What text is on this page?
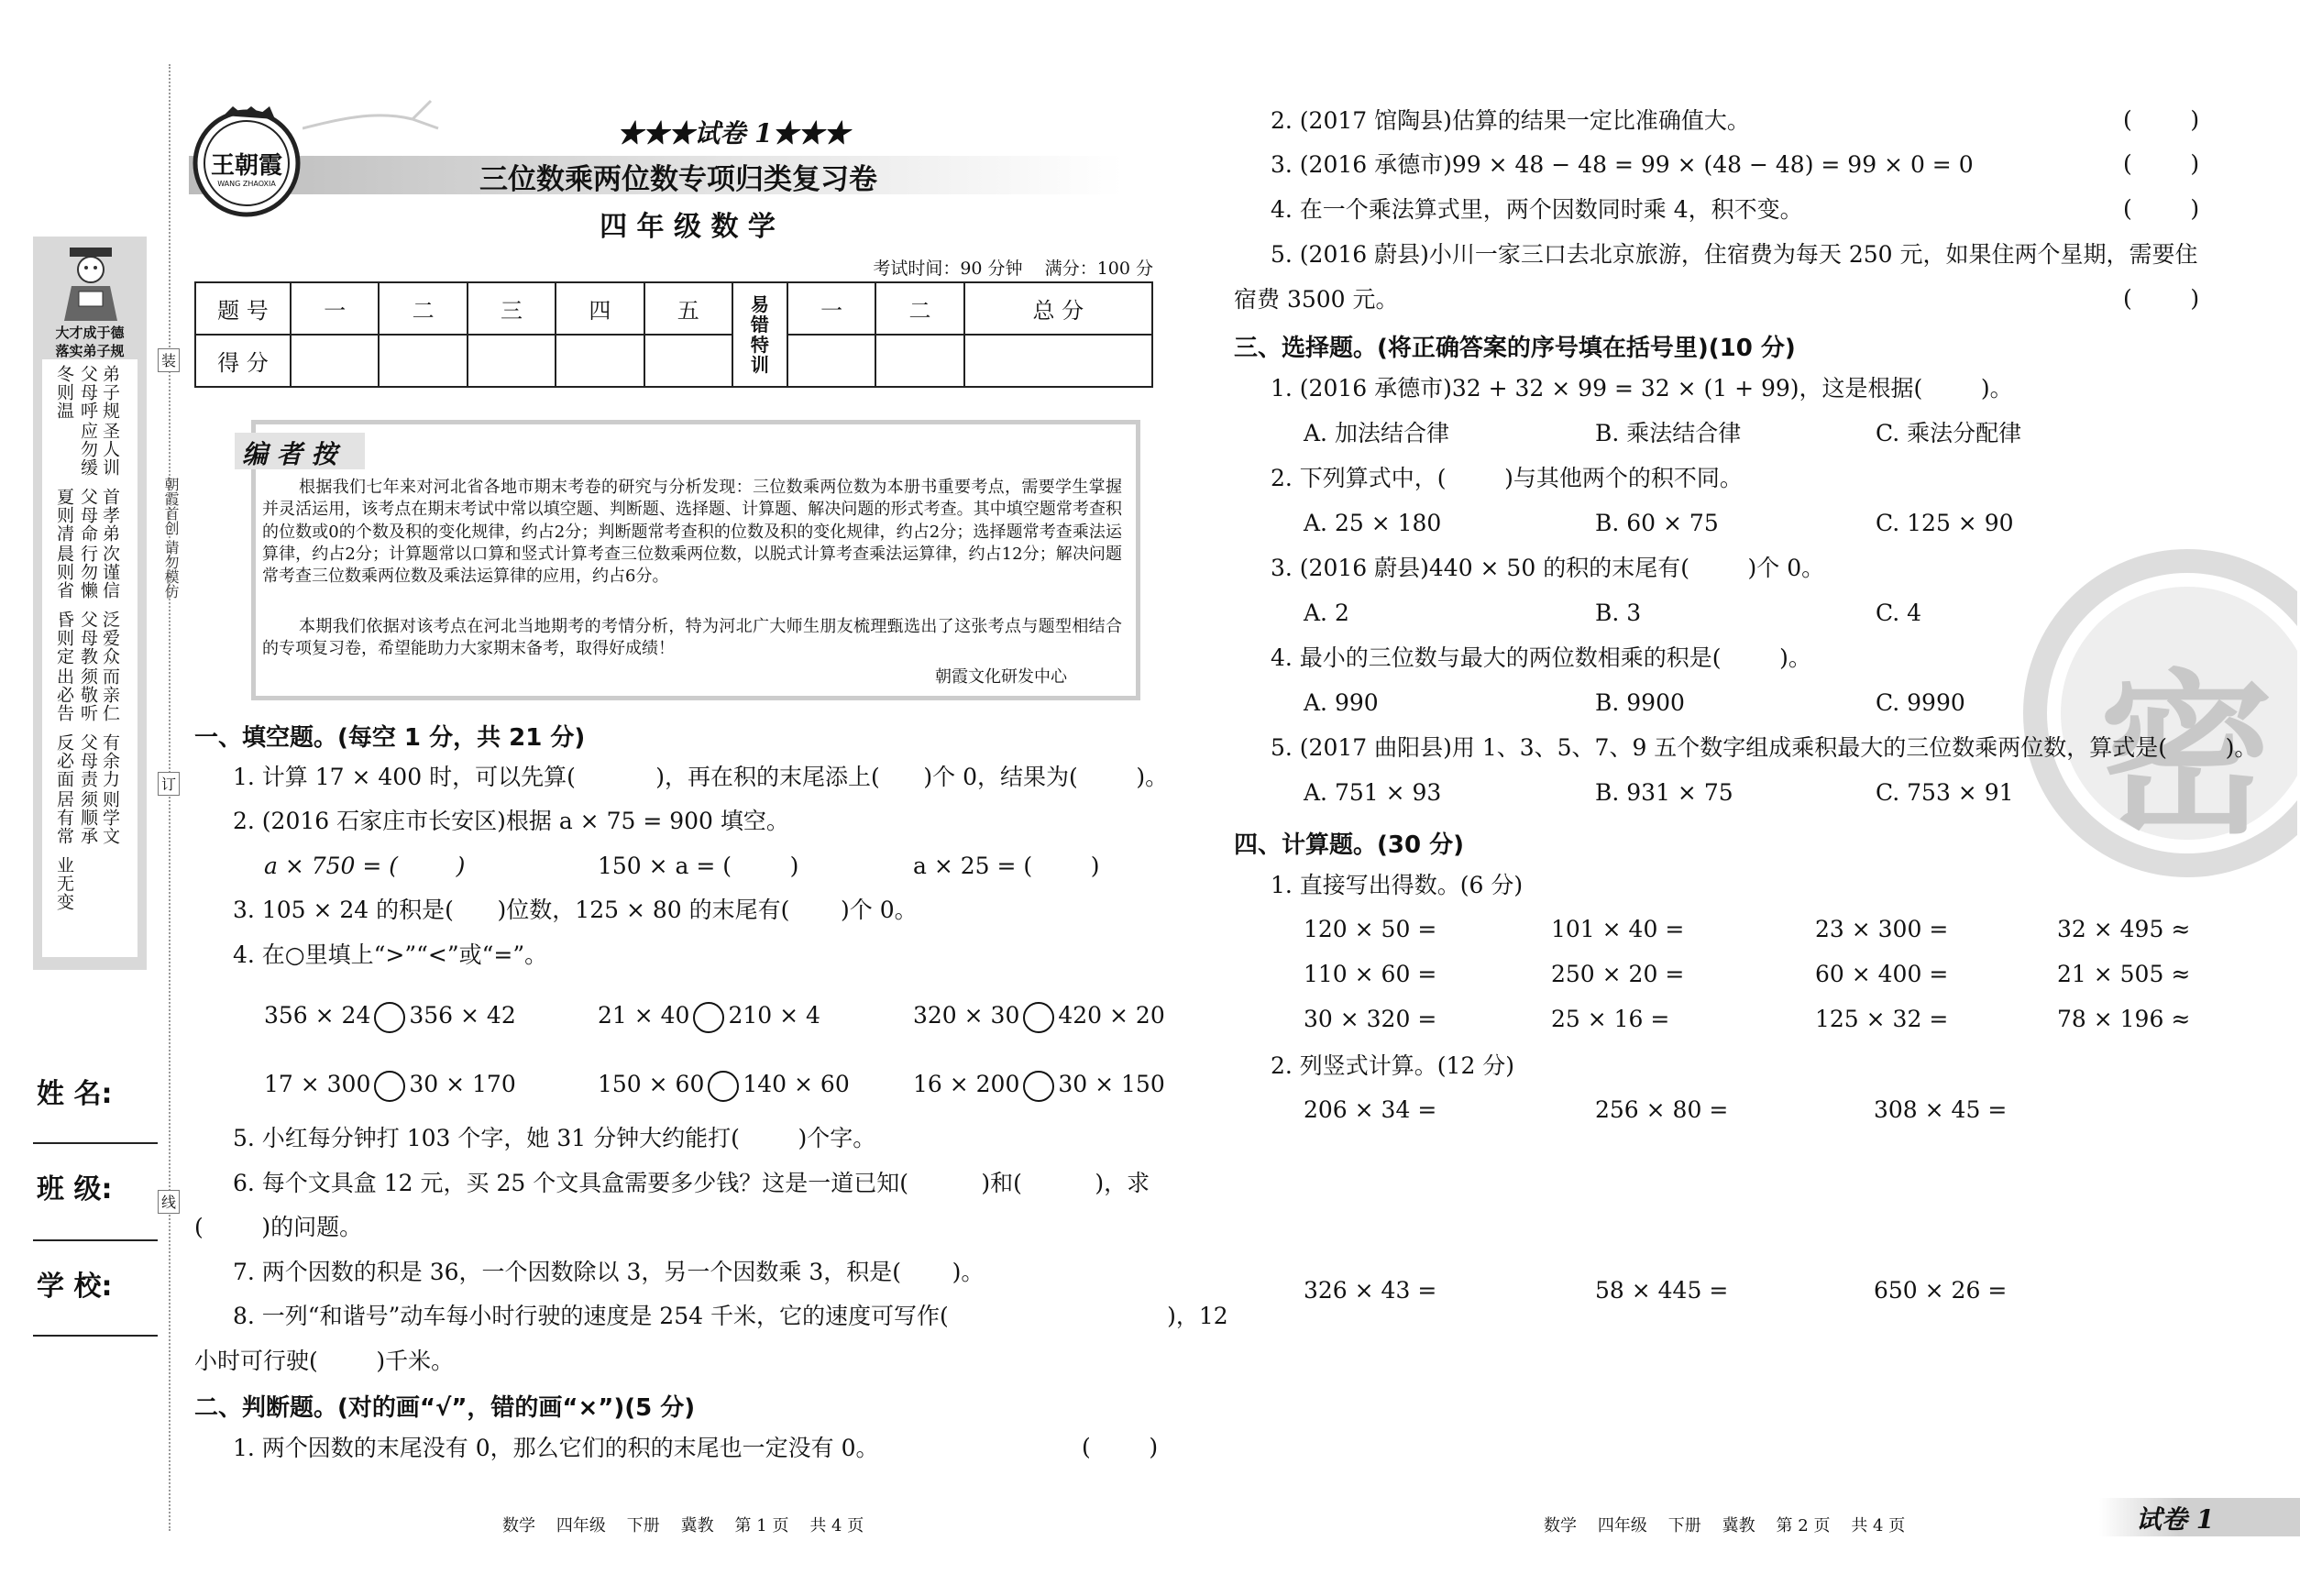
大才成于德
落实弟子规
弟子规
圣人训
父母呼
应勿缓
冬则温
首孝弟
次谨信
父母命
行勿懒
夏则凊
晨则省
泛爱众
而亲仁
父母教
须敬听
昏则定
出必告
有余力
则学文
父母责
须顺承
反必面
居有常
业无变
装
订
线
朝霞首创 请勿模仿
姓 名:
班 级:
学 校:
王朝霞
WANG ZHAOXIA
★★★试卷 1★★★
三位数乘两位数专项归类复习卷
四 年 级 数 学
考试时间：90 分钟    满分：100 分
题 号	一	二	三	四	五	易错特训	一	二	总 分
得 分									
编 者 按
根据我们七年来对河北省各地市期末考卷的研究与分析发现：三位数乘两位数为本册书重要考点，需要学生掌握并灵活运用，该考点在期末考试中常以填空题、判断题、选择题、计算题、解决问题的形式考查。其中填空题常考查积的位数或0的个数及积的变化规律，约占2分；判断题常考查积的位数及积的变化规律，约占2分；选择题常考查乘法运算律，约占2分；计算题常以口算和竖式计算考查三位数乘两位数，以脱式计算考查乘法运算律，约占12分；解决问题常考查三位数乘两位数及乘法运算律的应用，约占6分。
本期我们依据对该考点在河北当地期考的考情分析，特为河北广大师生朋友梳理甄选出了这张考点与题型相结合的专项复习卷，希望能助力大家期末备考，取得好成绩！
朝霞文化研发中心
一、填空题。(每空 1 分，共 21 分)
1. 计算 17 × 400 时，可以先算(           )，再在积的末尾添上(      )个 0，结果为(        )。
2. (2016 石家庄市长安区)根据 a × 75 = 900 填空。
a × 750 = (        )	150 × a = (        )	a × 25 = (        )
3. 105 × 24 的积是(      )位数，125 × 80 的末尾有(       )个 0。
4. 在○里填上“>”“<”或“=”。
356 × 24 356 × 42	21 × 40 210 × 4	320 × 30 420 × 20
17 × 300 30 × 170	150 × 60 140 × 60	16 × 200 30 × 150
5. 小红每分钟打 103 个字，她 31 分钟大约能打(        )个字。
6. 每个文具盒 12 元，买 25 个文具盒需要多少钱？这是一道已知(          )和(          )，求
(        )的问题。
7. 两个因数的积是 36，一个因数除以 3，另一个因数乘 3，积是(       )。
8. 一列“和谐号”动车每小时行驶的速度是 254 千米，它的速度可写作(                              )，12
小时可行驶(        )千米。
二、判断题。(对的画“√”，错的画“×”)(5 分)
1. 两个因数的末尾没有 0，那么它们的积的末尾也一定没有 0。	(        )
2. (2017 馆陶县)估算的结果一定比准确值大。	(        )
3. (2016 承德市)99 × 48 − 48 = 99 × (48 − 48) = 99 × 0 = 0	(        )
4. 在一个乘法算式里，两个因数同时乘 4，积不变。	(        )
5. (2016 蔚县)小川一家三口去北京旅游，住宿费为每天 250 元，如果住两个星期，需要住
宿费 3500 元。	(        )
密
三、选择题。(将正确答案的序号填在括号里)(10 分)
1. (2016 承德市)32 + 32 × 99 = 32 × (1 + 99)，这是根据(        )。
A. 加法结合律	B. 乘法结合律	C. 乘法分配律
2. 下列算式中，(        )与其他两个的积不同。
A. 25 × 180	B. 60 × 75	C. 125 × 90
3. (2016 蔚县)440 × 50 的积的末尾有(        )个 0。
A. 2	B. 3	C. 4
4. 最小的三位数与最大的两位数相乘的积是(        )。
A. 990	B. 9900	C. 9990
5. (2017 曲阳县)用 1、3、5、7、9 五个数字组成乘积最大的三位数乘两位数，算式是(        )。
A. 751 × 93	B. 931 × 75	C. 753 × 91
四、计算题。(30 分)
1. 直接写出得数。(6 分)
120 × 50 =	101 × 40 =	23 × 300 =	32 × 495 ≈
110 × 60 =	250 × 20 =	60 × 400 =	21 × 505 ≈
30 × 320 =	25 × 16 =	125 × 32 =	78 × 196 ≈
2. 列竖式计算。(12 分)
206 × 34 =	256 × 80 =	308 × 45 =
326 × 43 =	58 × 445 =	650 × 26 =
数学    四年级    下册    冀教    第 1 页    共 4 页	数学    四年级    下册    冀教    第 2 页    共 4 页	试卷 1
